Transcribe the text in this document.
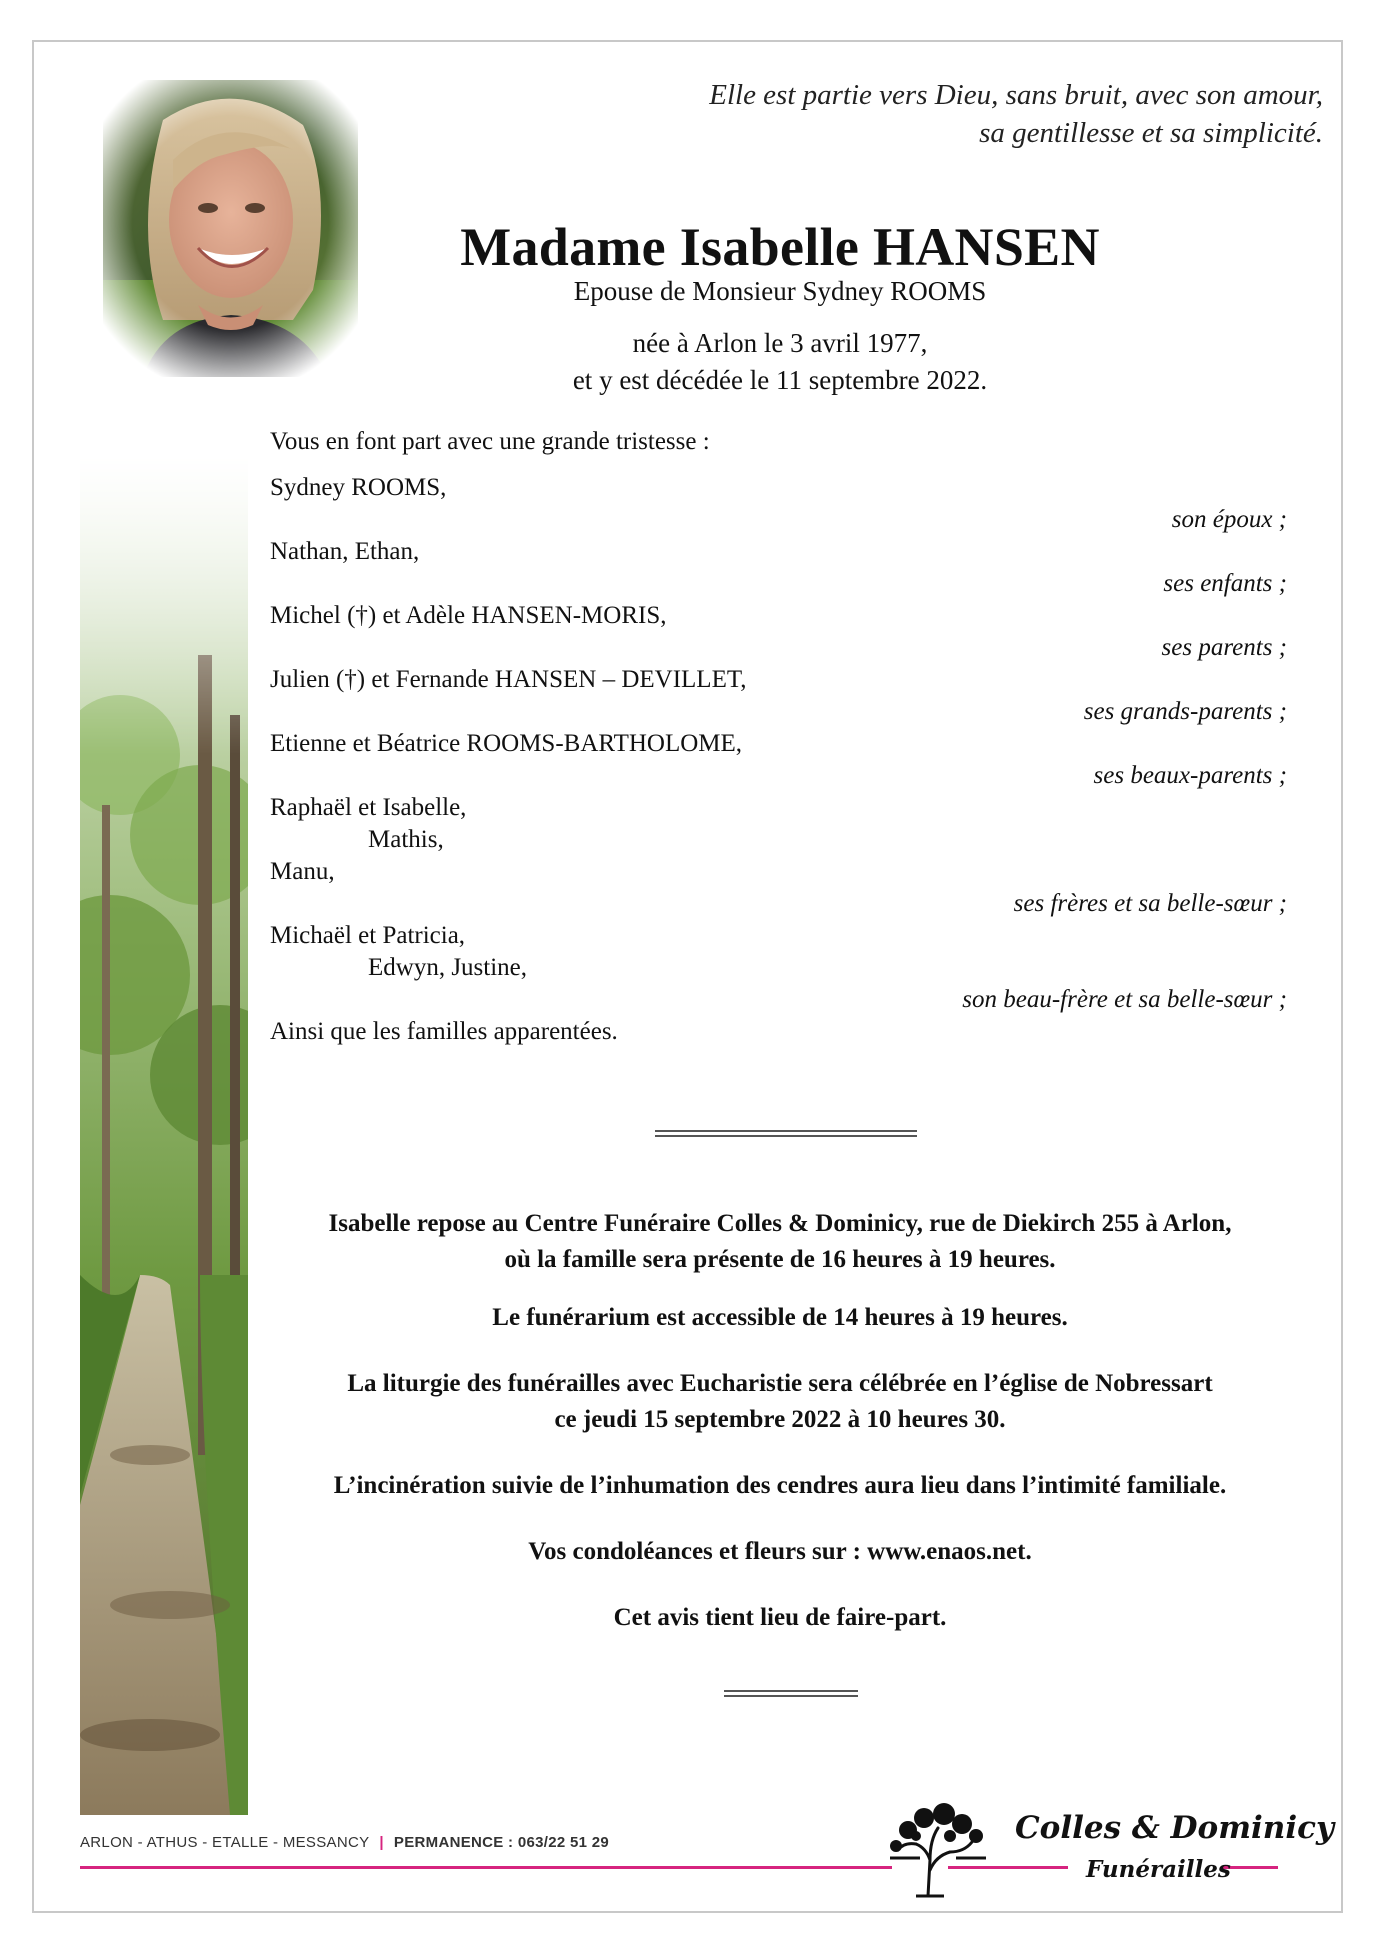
Elle est partie vers Dieu, sans bruit, avec son amour,
sa gentillesse et sa simplicité.
Madame Isabelle HANSEN
Epouse de Monsieur Sydney ROOMS
née à Arlon le 3 avril 1977,
et y est décédée le 11 septembre 2022.
Vous en font part avec une grande tristesse :
Sydney ROOMS,
son époux ;
Nathan, Ethan,
ses enfants ;
Michel (†) et Adèle HANSEN-MORIS,
ses parents ;
Julien (†) et Fernande HANSEN – DEVILLET,
ses grands-parents ;
Etienne et Béatrice ROOMS-BARTHOLOME,
ses beaux-parents ;
Raphaël et Isabelle,
Mathis,
Manu,
ses frères et sa belle-sœur ;
Michaël et Patricia,
Edwyn, Justine,
son beau-frère et sa belle-sœur ;
Ainsi que les familles apparentées.
Isabelle repose au Centre Funéraire Colles & Dominicy, rue de Diekirch 255 à Arlon,
où la famille sera présente de 16 heures à 19 heures.
Le funérarium est accessible de 14 heures à 19 heures.
La liturgie des funérailles avec Eucharistie sera célébrée en l’église de Nobressart
ce jeudi 15 septembre 2022 à 10 heures 30.
L’incinération suivie de l’inhumation des cendres aura lieu dans l’intimité familiale.
Vos condoléances et fleurs sur : www.enaos.net.
Cet avis tient lieu de faire-part.
ARLON - ATHUS - ETALLE - MESSANCY | PERMANENCE : 063/22 51 29	Colles & Dominicy
Funérailles
